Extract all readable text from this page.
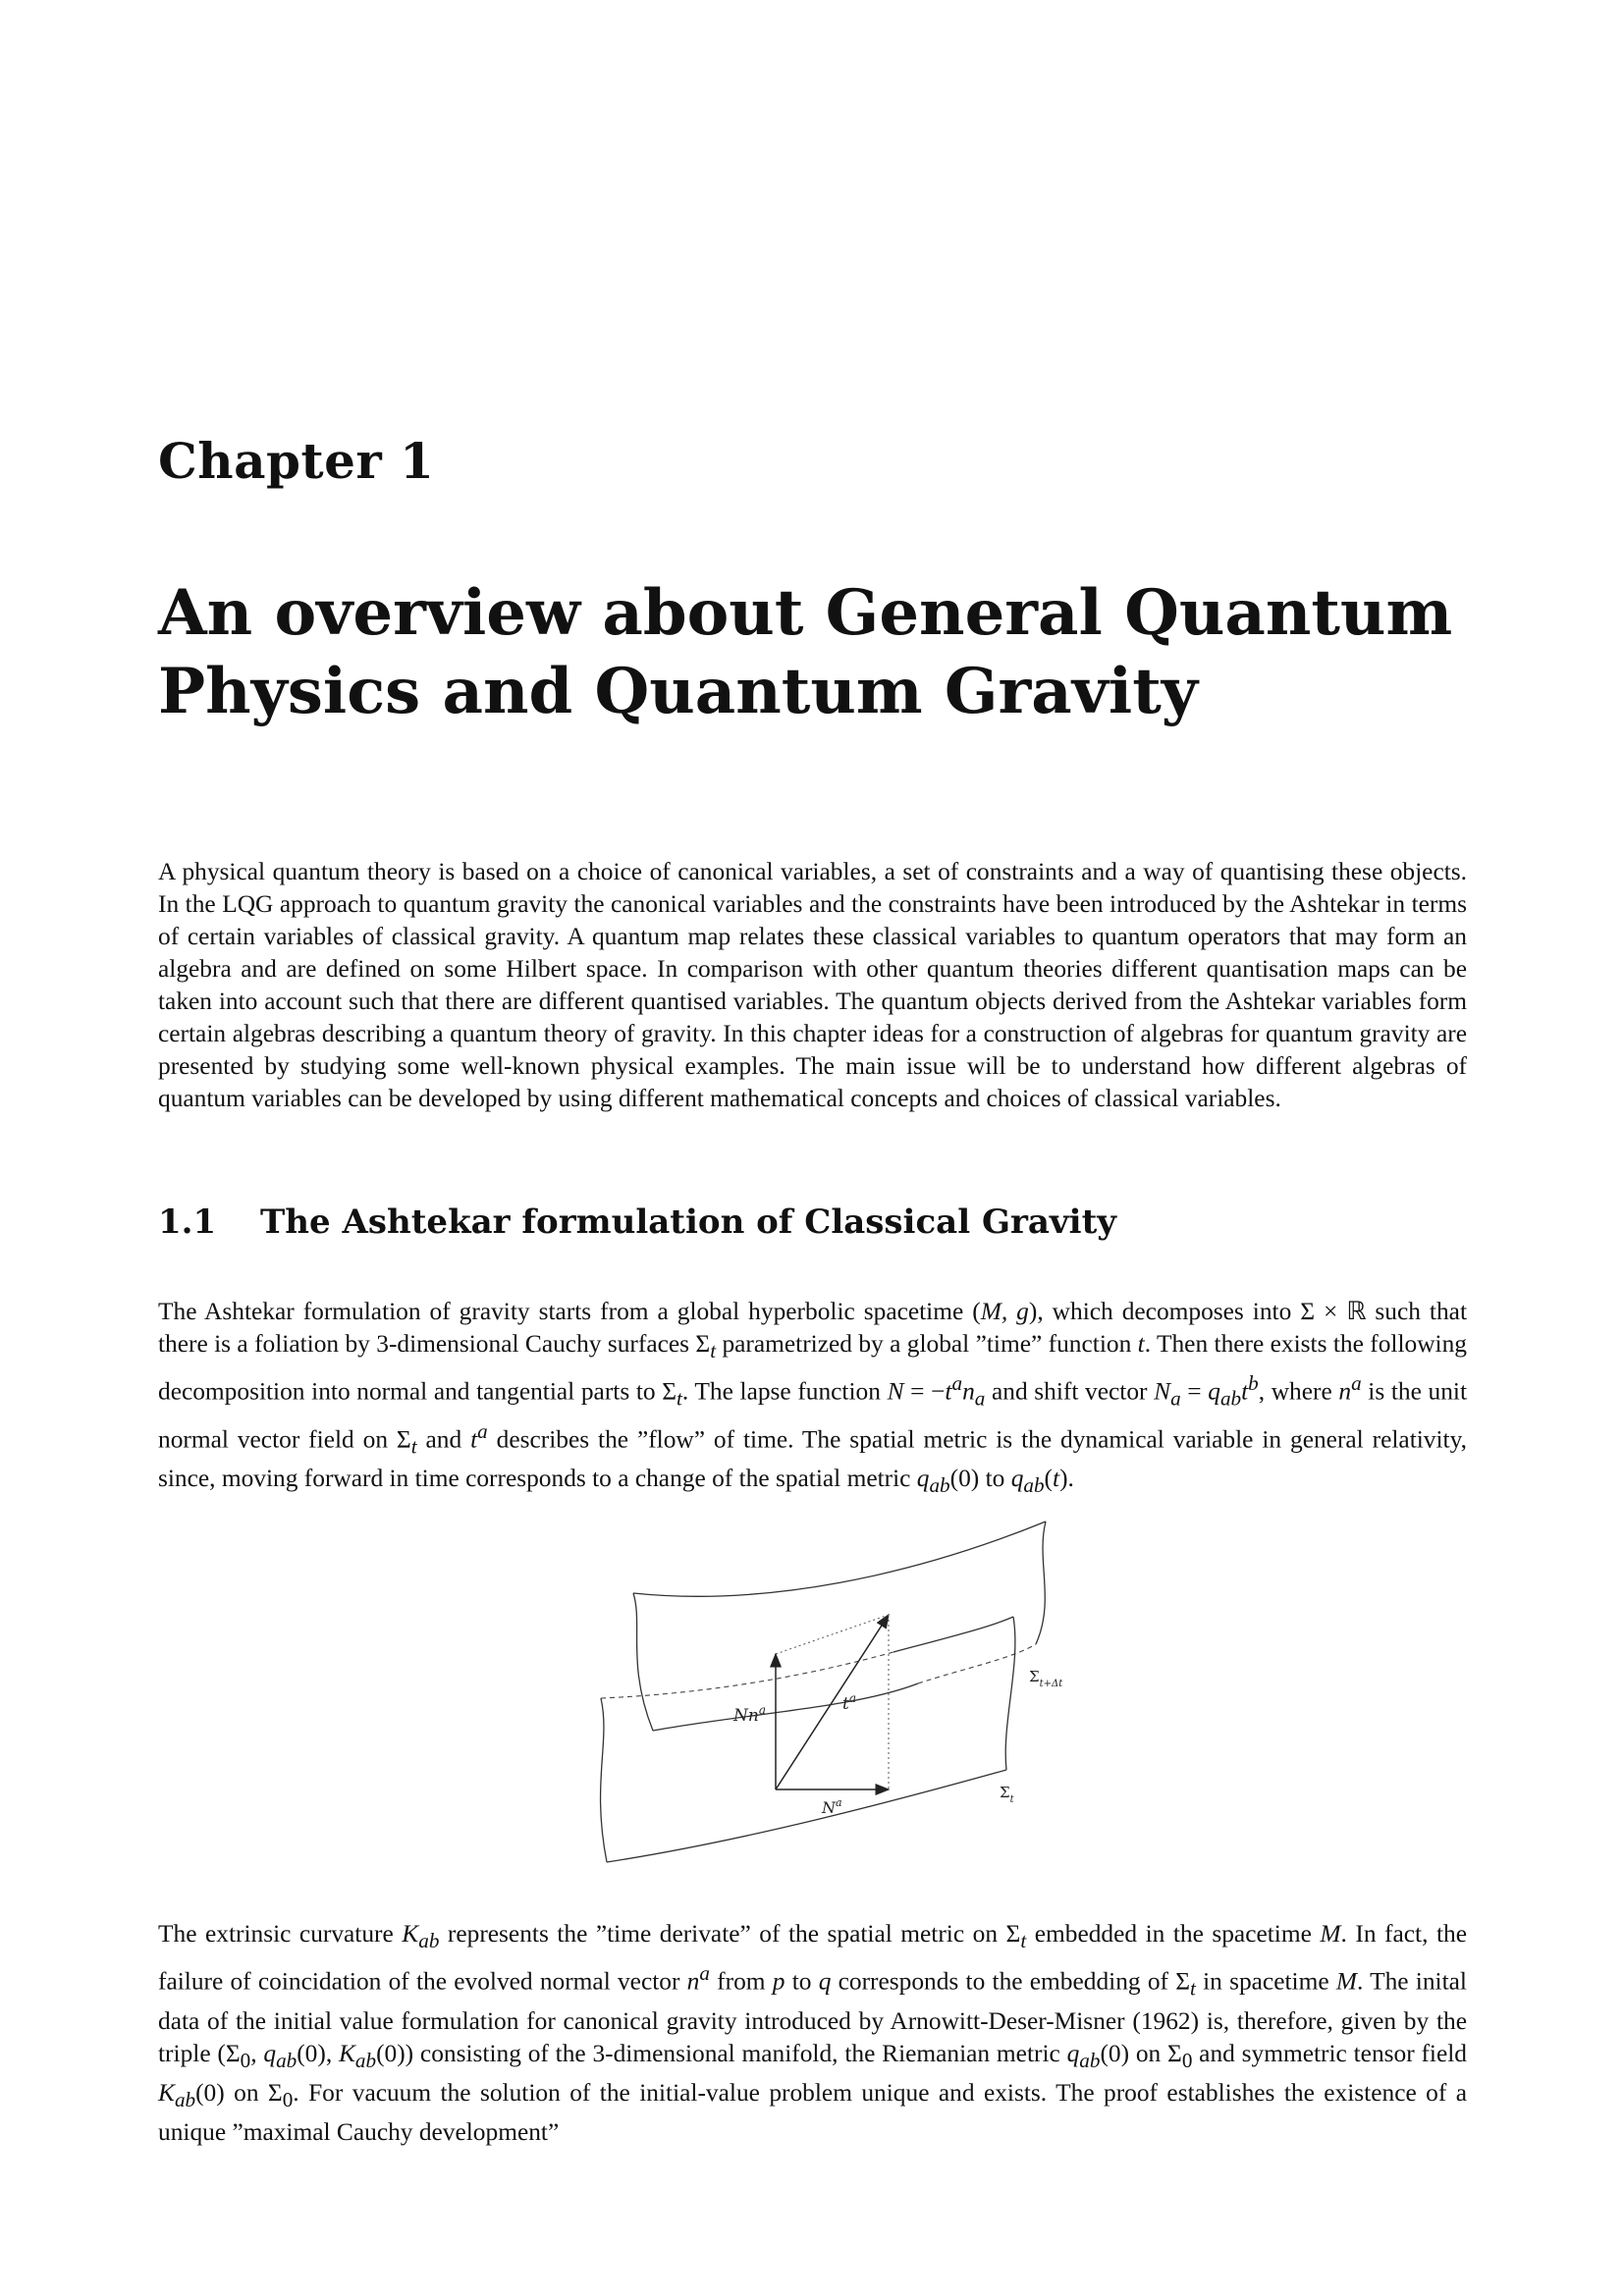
Chapter 1
An overview about General Quantum Physics and Quantum Gravity

A physical quantum theory is based on a choice of canonical variables, a set of constraints and a way of quantising these objects. In the LQG approach to quantum gravity the canonical variables and the constraints have been introduced by the Ashtekar in terms of certain variables of classical gravity. A quantum map relates these classical variables to quantum operators that may form an algebra and are defined on some Hilbert space. In comparison with other quantum theories different quantisation maps can be taken into account such that there are different quantised variables. The quantum objects derived from the Ashtekar variables form certain algebras describing a quantum theory of gravity. In this chapter ideas for a construction of algebras for quantum gravity are presented by studying some well-known physical examples. The main issue will be to understand how different algebras of quantum variables can be developed by using different mathematical concepts and choices of classical variables.

1.1 The Ashtekar formulation of Classical Gravity

The Ashtekar formulation of gravity starts from a global hyperbolic spacetime (M, g), which decomposes into Σ × ℝ such that there is a foliation by 3-dimensional Cauchy surfaces $\Sigma_t$ parametrized by a global ”time” function t. Then there exists the following decomposition into normal and tangential parts to $\Sigma_t$. The lapse function $N = -t^an_a$ and shift vector $N_a = q_{ab}t^b$, where $n^a$ is the unit normal vector field on $\Sigma_t$ and $t^a$ describes the ”flow” of time. The spatial metric is the dynamical variable in general relativity, since, moving forward in time corresponds to a change of the spatial metric $q_{ab}(0)$ to $q_{ab}(t)$.

Nn$^a$	$t^a$
$N^a$
$\Sigma_{t+\Delta t}$
$\Sigma_t$

The extrinsic curvature $K_{ab}$ represents the ”time derivate” of the spatial metric on $\Sigma_t$ embedded in the spacetime M. In fact, the failure of coincidation of the evolved normal vector $n^a$ from p to q corresponds to the embedding of $\Sigma_t$ in spacetime M. The inital data of the initial value formulation for canonical gravity introduced by Arnowitt-Deser-Misner (1962) is, therefore, given by the triple ($\Sigma_0$, $q_{ab}(0)$, $K_{ab}(0)$) consisting of the 3-dimensional manifold, the Riemanian metric $q_{ab}(0)$ on $\Sigma_0$ and symmetric tensor field $K_{ab}(0)$ on $\Sigma_0$. For vacuum the solution of the initial-value problem unique and exists. The proof establishes the existence of a unique ”maximal Cauchy development”
